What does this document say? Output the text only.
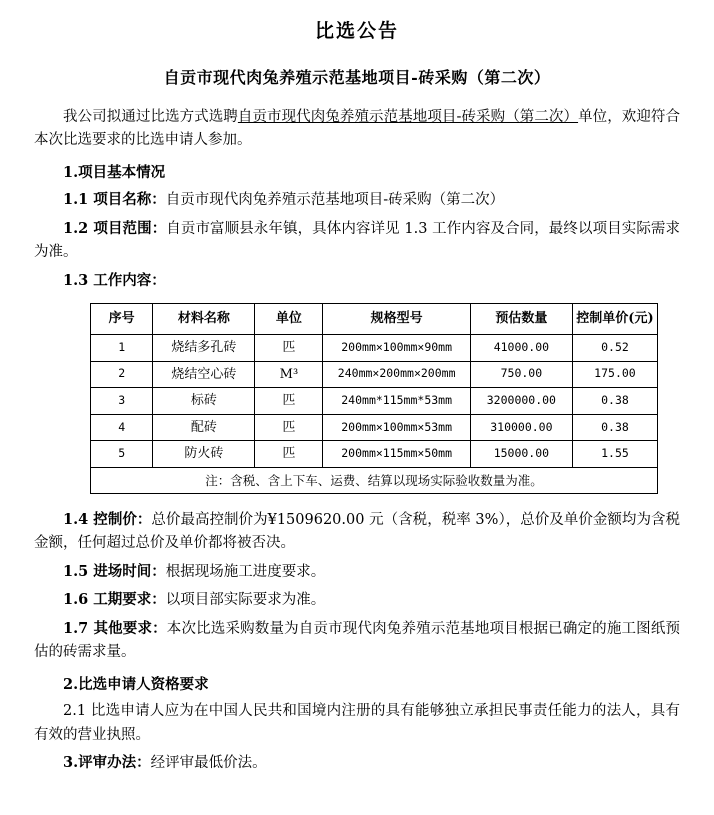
比选公告
自贡市现代肉兔养殖示范基地项目-砖采购（第二次）

我公司拟通过比选方式选聘自贡市现代肉兔养殖示范基地项目-砖采购（第二次）单位，欢迎符合本次比选要求的比选申请人参加。

1.项目基本情况

1.1 项目名称：自贡市现代肉兔养殖示范基地项目-砖采购（第二次）

1.2 项目范围：自贡市富顺县永年镇，具体内容详见 1.3 工作内容及合同，最终以项目实际需求为准。

1.3 工作内容：

序号	材料名称	单位	规格型号	预估数量	控制单价(元)
1	烧结多孔砖	匹	200mm×100mm×90mm	41000.00	0.52
2	烧结空心砖	M³	240mm×200mm×200mm	750.00	175.00
3	标砖	匹	240mm*115mm*53mm	3200000.00	0.38
4	配砖	匹	200mm×100mm×53mm	310000.00	0.38
5	防火砖	匹	200mm×115mm×50mm	15000.00	1.55
注：含税、含上下车、运费、结算以现场实际验收数量为准。					

1.4 控制价：总价最高控制价为¥1509620.00 元（含税，税率 3%），总价及单价金额均为含税金额，任何超过总价及单价都将被否决。

1.5 进场时间：根据现场施工进度要求。

1.6 工期要求：以项目部实际要求为准。

1.7 其他要求：本次比选采购数量为自贡市现代肉兔养殖示范基地项目根据已确定的施工图纸预估的砖需求量。

2.比选申请人资格要求

2.1 比选申请人应为在中国人民共和国境内注册的具有能够独立承担民事责任能力的法人，具有有效的营业执照。

3.评审办法：经评审最低价法。
